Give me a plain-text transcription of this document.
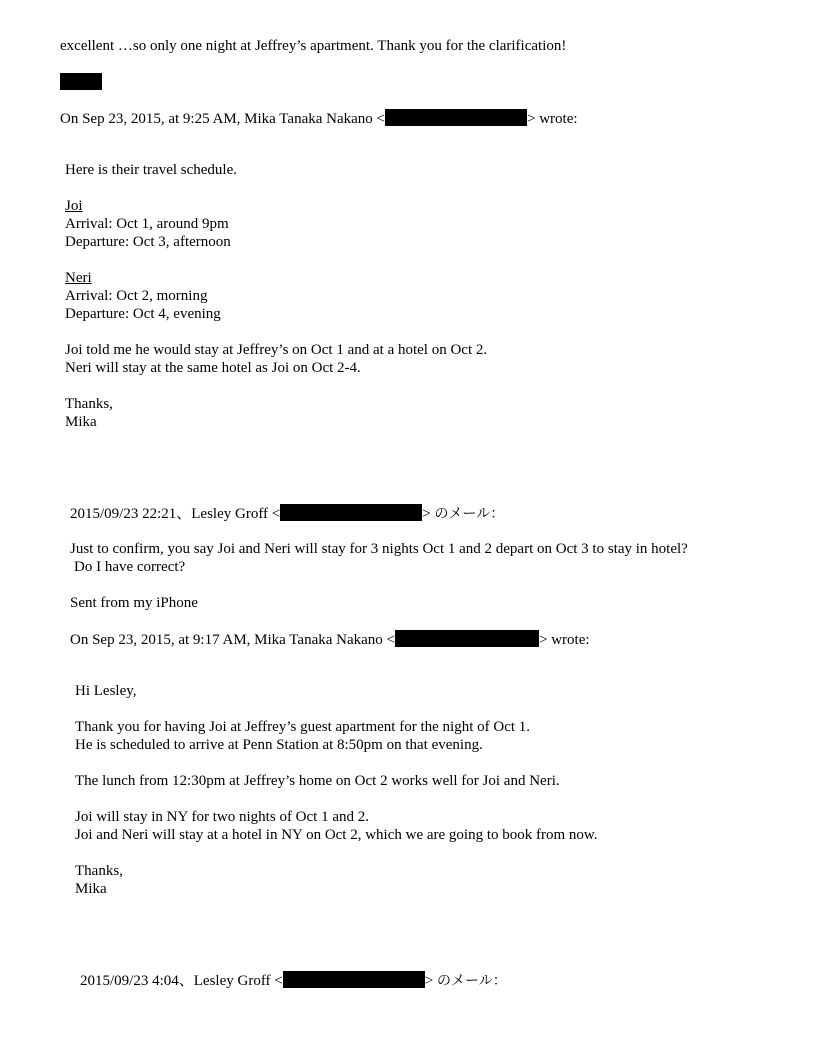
excellent …so only one night at Jeffrey’s apartment. Thank you for the clarification!
On Sep 23, 2015, at 9:25 AM, Mika Tanaka Nakano <	> wrote:
Here is their travel schedule.
Joi
Arrival: Oct 1, around 9pm
Departure: Oct 3, afternoon
Neri
Arrival: Oct 2, morning
Departure: Oct 4, evening
Joi told me he would stay at Jeffrey’s on Oct 1 and at a hotel on Oct 2.
Neri will stay at the same hotel as Joi on Oct 2-4.
Thanks,
Mika
2015/09/23 22:21、Lesley Groff <	> のメール：
Just to confirm, you say Joi and Neri will stay for 3 nights Oct 1 and 2 depart on Oct 3 to stay in hotel?
Do I have correct?
Sent from my iPhone
On Sep 23, 2015, at 9:17 AM, Mika Tanaka Nakano <	> wrote:
Hi Lesley,
Thank you for having Joi at Jeffrey’s guest apartment for the night of Oct 1.
He is scheduled to arrive at Penn Station at 8:50pm on that evening.
The lunch from 12:30pm at Jeffrey’s home on Oct 2 works well for Joi and Neri.
Joi will stay in NY for two nights of Oct 1 and 2.
Joi and Neri will stay at a hotel in NY on Oct 2, which we are going to book from now.
Thanks,
Mika
2015/09/23 4:04、Lesley Groff <	> のメール：
